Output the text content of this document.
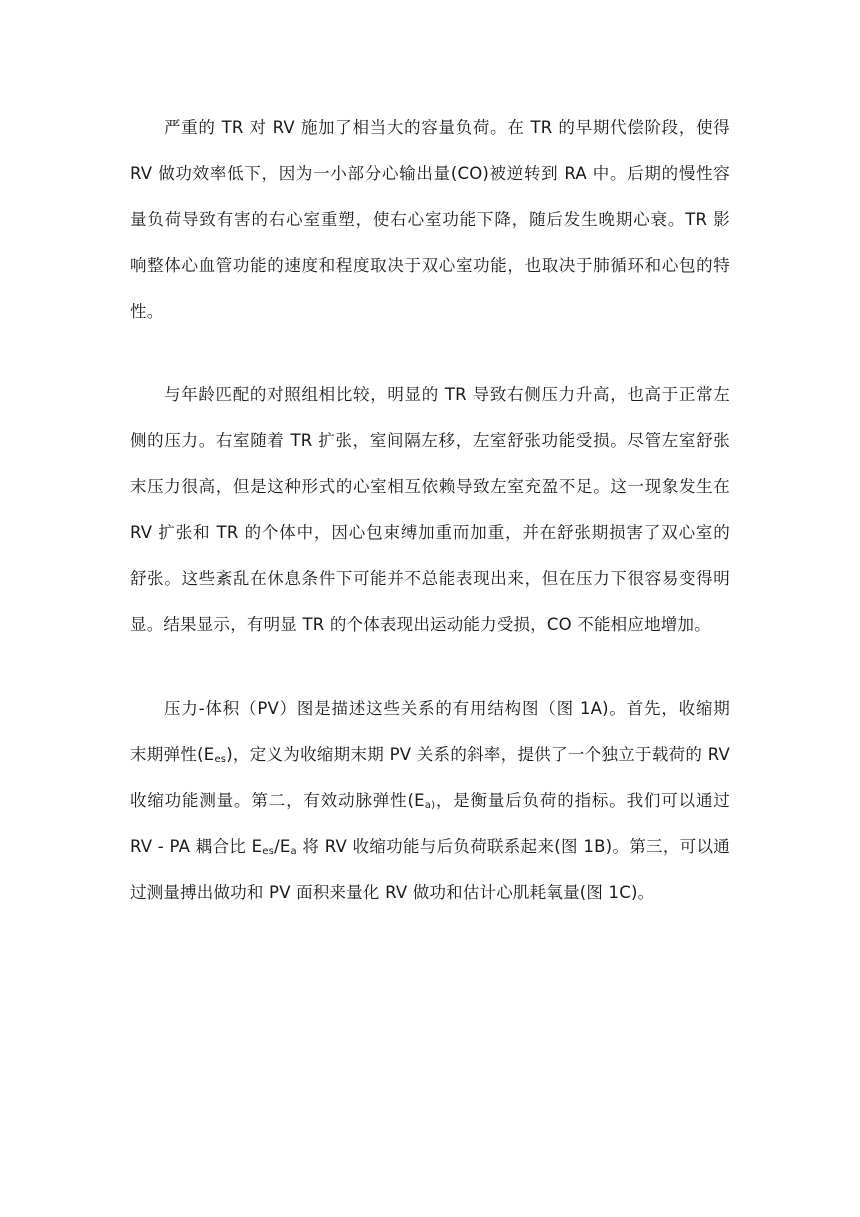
严重的 TR 对 RV 施加了相当大的容量负荷。在 TR 的早期代偿阶段，使得
RV 做功效率低下，因为一小部分心输出量(CO)被逆转到 RA 中。后期的慢性容
量负荷导致有害的右心室重塑，使右心室功能下降，随后发生晚期心衰。TR 影
响整体心血管功能的速度和程度取决于双心室功能，也取决于肺循环和心包的特
性。
与年龄匹配的对照组相比较，明显的 TR 导致右侧压力升高，也高于正常左
侧的压力。右室随着 TR 扩张，室间隔左移，左室舒张功能受损。尽管左室舒张
末压力很高，但是这种形式的心室相互依赖导致左室充盈不足。这一现象发生在
RV 扩张和 TR 的个体中，因心包束缚加重而加重，并在舒张期损害了双心室的
舒张。这些紊乱在休息条件下可能并不总能表现出来，但在压力下很容易变得明
显。结果显示，有明显 TR 的个体表现出运动能力受损，CO 不能相应地增加。
压力-体积（PV）图是描述这些关系的有用结构图（图 1A)。首先，收缩期
末期弹性$(E_{es})$，定义为收缩期末期 PV 关系的斜率，提供了一个独立于载荷的 RV
收缩功能测量。第二，有效动脉弹性($E_{a)}$，是衡量后负荷的指标。我们可以通过
RV - PA 耦合比 $E_{es}/E_a$ 将 RV 收缩功能与后负荷联系起来(图 1B)。第三，可以通
过测量搏出做功和 PV 面积来量化 RV 做功和估计心肌耗氧量(图 1C)。
